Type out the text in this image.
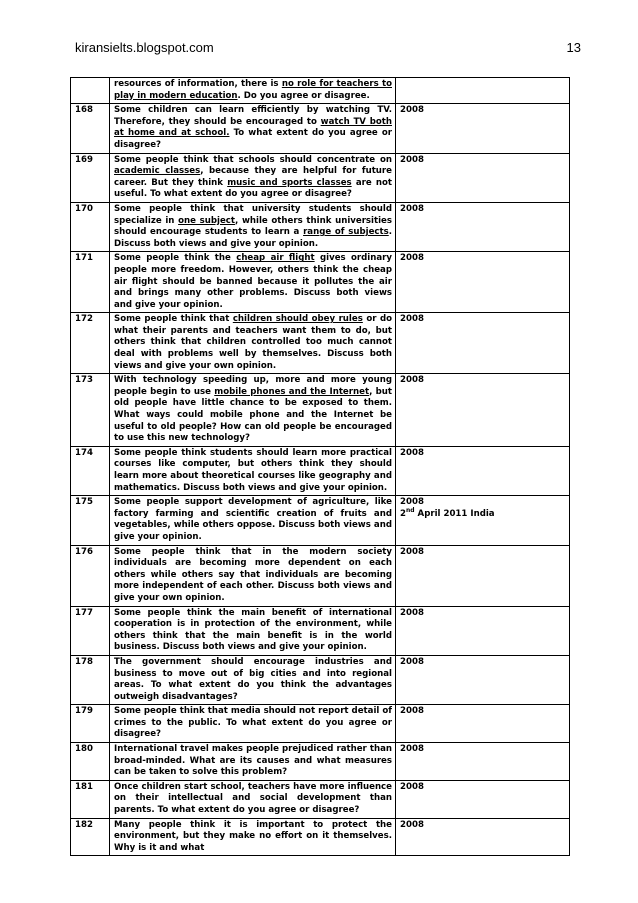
kiransielts.blogspot.com	13
	resources of information, there is no role for teachers to play in modern education. Do you agree or disagree.	

168	Some children can learn efficiently by watching TV. Therefore, they should be encouraged to watch TV both at home and at school. To what extent do you agree or disagree?	2008

169	Some people think that schools should concentrate on academic classes, because they are helpful for future career. But they think music and sports classes are not useful. To what extent do you agree or disagree?	2008

170	Some people think that university students should specialize in one subject, while others think universities should encourage students to learn a range of subjects. Discuss both views and give your opinion.	2008

171	Some people think the cheap air flight gives ordinary people more freedom. However, others think the cheap air flight should be banned because it pollutes the air and brings many other problems. Discuss both views and give your opinion.	2008

172	Some people think that children should obey rules or do what their parents and teachers want them to do, but others think that children controlled too much cannot deal with problems well by themselves. Discuss both views and give your own opinion.	2008

173	With technology speeding up, more and more young people begin to use mobile phones and the Internet, but old people have little chance to be exposed to them. What ways could mobile phone and the Internet be useful to old people? How can old people be encouraged to use this new technology?	2008

174	Some people think students should learn more practical courses like computer, but others think they should learn more about theoretical courses like geography and mathematics. Discuss both views and give your opinion.	2008

175	Some people support development of agriculture, like factory farming and scientific creation of fruits and vegetables, while others oppose. Discuss both views and give your opinion.	2008
2nd April 2011 India

176	Some people think that in the modern society individuals are becoming more dependent on each others while others say that individuals are becoming more independent of each other. Discuss both views and give your own opinion.	2008

177	Some people think the main benefit of international cooperation is in protection of the environment, while others think that the main benefit is in the world business. Discuss both views and give your opinion.	2008

178	The government should encourage industries and business to move out of big cities and into regional areas. To what extent do you think the advantages outweigh disadvantages?	2008

179	Some people think that media should not report detail of crimes to the public. To what extent do you agree or disagree?	2008

180	International travel makes people prejudiced rather than broad-minded. What are its causes and what measures can be taken to solve this problem?	2008

181	Once children start school, teachers have more influence on their intellectual and social development than parents. To what extent do you agree or disagree?	2008

182	Many people think it is important to protect the environment, but they make no effort on it themselves. Why is it and what	2008
